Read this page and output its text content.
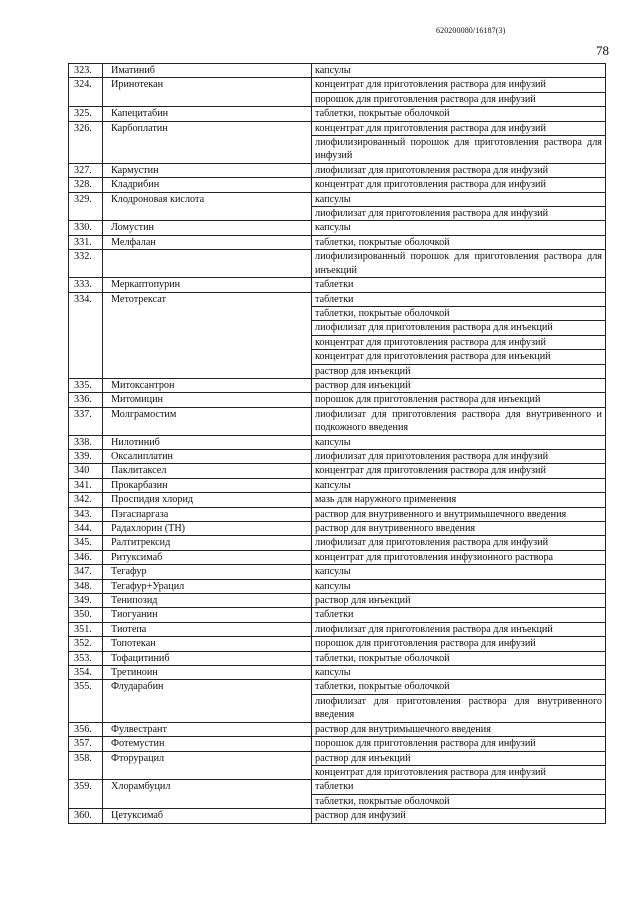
620200080/16187(3)
78
323.	Иматиниб	капсулы
324.	Иринотекан	концентрат для приготовления раствора для инфузий
		порошок для приготовления раствора для инфузий
325.	Капецитабин	таблетки, покрытые оболочкой
326.	Карбоплатин	концентрат для приготовления раствора для инфузий
		лиофилизированный порошок для приготовления раствора для инфузий
327.	Кармустин	лиофилизат для приготовления раствора для инфузий
328.	Кладрибин	концентрат для приготовления раствора для инфузий
329.	Клодроновая кислота	капсулы
		лиофилизат для приготовления раствора для инфузий
330.	Ломустин	капсулы
331.	Мелфалан	таблетки, покрытые оболочкой
332.		лиофилизированный порошок для приготовления раствора для инъекций
333.	Меркаптопурин	таблетки
334.	Метотрексат	таблетки
		таблетки, покрытые оболочкой
		лиофилизат для приготовления раствора для инъекций
		концентрат для приготовления раствора для инфузий
		концентрат для приготовления раствора для инъекций
		раствор для инъекций
335.	Митоксантрон	раствор для инъекций
336.	Митомицин	порошок для приготовления раствора для инъекций
337.	Молграмостим	лиофилизат для приготовления раствора для внутривенного и подкожного введения
338.	Нилотиниб	капсулы
339.	Оксалиплатин	лиофилизат для приготовления раствора для инфузий
340	Паклитаксел	концентрат для приготовления раствора для инфузий
341.	Прокарбазин	капсулы
342.	Проспидия хлорид	мазь для наружного применения
343.	Пэгаспаргаза	раствор для внутривенного и внутримышечного введения
344.	Радахлорин (ТН)	раствор для внутривенного введения
345.	Ралтитрексид	лиофилизат для приготовления раствора для инфузий
346.	Ритуксимаб	концентрат для приготовления инфузионного раствора
347.	Тегафур	капсулы
348.	Тегафур+Урацил	капсулы
349.	Тенипозид	раствор для инъекций
350.	Тиогуанин	таблетки
351.	Тиотепа	лиофилизат для приготовления раствора для инъекций
352.	Топотекан	порошок для приготовления раствора для инфузий
353.	Тофацитиниб	таблетки, покрытые оболочкой
354.	Третиноин	капсулы
355.	Флударабин	таблетки, покрытые оболочкой
		лиофилизат для приготовления раствора для внутривенного введения
356.	Фулвестрант	раствор для внутримышечного введения
357.	Фотемустин	порошок для приготовления раствора для инфузий
358.	Фторурацил	раствор для инъекций
		концентрат для приготовления раствора для инфузий
359.	Хлорамбуцил	таблетки
		таблетки, покрытые оболочкой
360.	Цетуксимаб	раствор для инфузий
